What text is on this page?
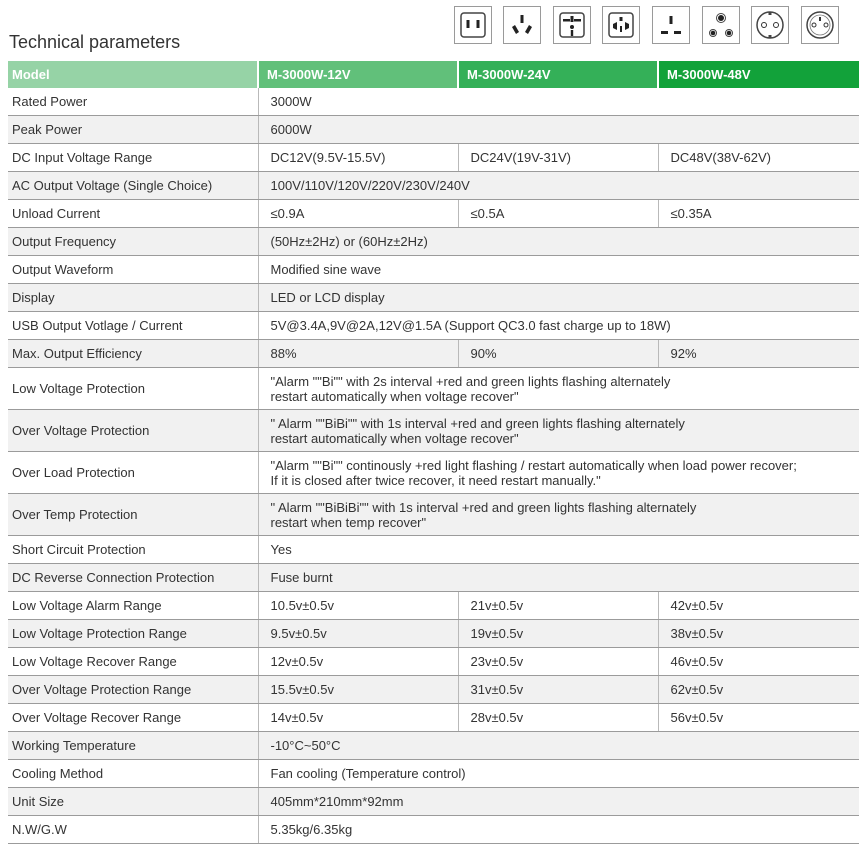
Technical parameters
Model	M-3000W-12V	M-3000W-24V	M-3000W-48V
Rated Power	3000W		
Peak Power	6000W		
DC Input Voltage Range	DC12V(9.5V-15.5V)	DC24V(19V-31V)	DC48V(38V-62V)
AC Output Voltage (Single Choice)	100V/110V/120V/220V/230V/240V		
Unload Current	≤0.9A	≤0.5A	≤0.35A
Output Frequency	(50Hz±2Hz) or (60Hz±2Hz)		
Output Waveform	Modified sine wave		
Display	LED or LCD display		
USB Output Votlage / Current	5V@3.4A,9V@2A,12V@1.5A (Support QC3.0 fast charge up to 18W)		
Max. Output Efficiency	88%	90%	92%
Low Voltage Protection	"Alarm ""Bi"" with 2s interval +red and green lights flashing alternately
restart automatically when voltage recover"		

Over Voltage Protection	" Alarm ""BiBi"" with 1s interval +red and green lights flashing alternately
restart automatically when voltage recover"		

Over Load Protection	"Alarm ""Bi"" continously +red light flashing / restart automatically when load power recover;
If it is closed after twice recover, it need restart manually."		

Over Temp Protection	" Alarm ""BiBiBi"" with 1s interval +red and green lights flashing alternately
restart when temp recover"		

Short Circuit Protection	Yes		
DC Reverse Connection Protection	Fuse burnt		
Low Voltage Alarm Range	10.5v±0.5v	21v±0.5v	42v±0.5v
Low Voltage Protection Range	9.5v±0.5v	19v±0.5v	38v±0.5v
Low Voltage Recover Range	12v±0.5v	23v±0.5v	46v±0.5v
Over Voltage Protection Range	15.5v±0.5v	31v±0.5v	62v±0.5v
Over Voltage Recover Range	14v±0.5v	28v±0.5v	56v±0.5v
Working Temperature	-10°C~50°C		
Cooling Method	Fan cooling (Temperature control)		
Unit Size	405mm*210mm*92mm		
N.W/G.W	5.35kg/6.35kg		
